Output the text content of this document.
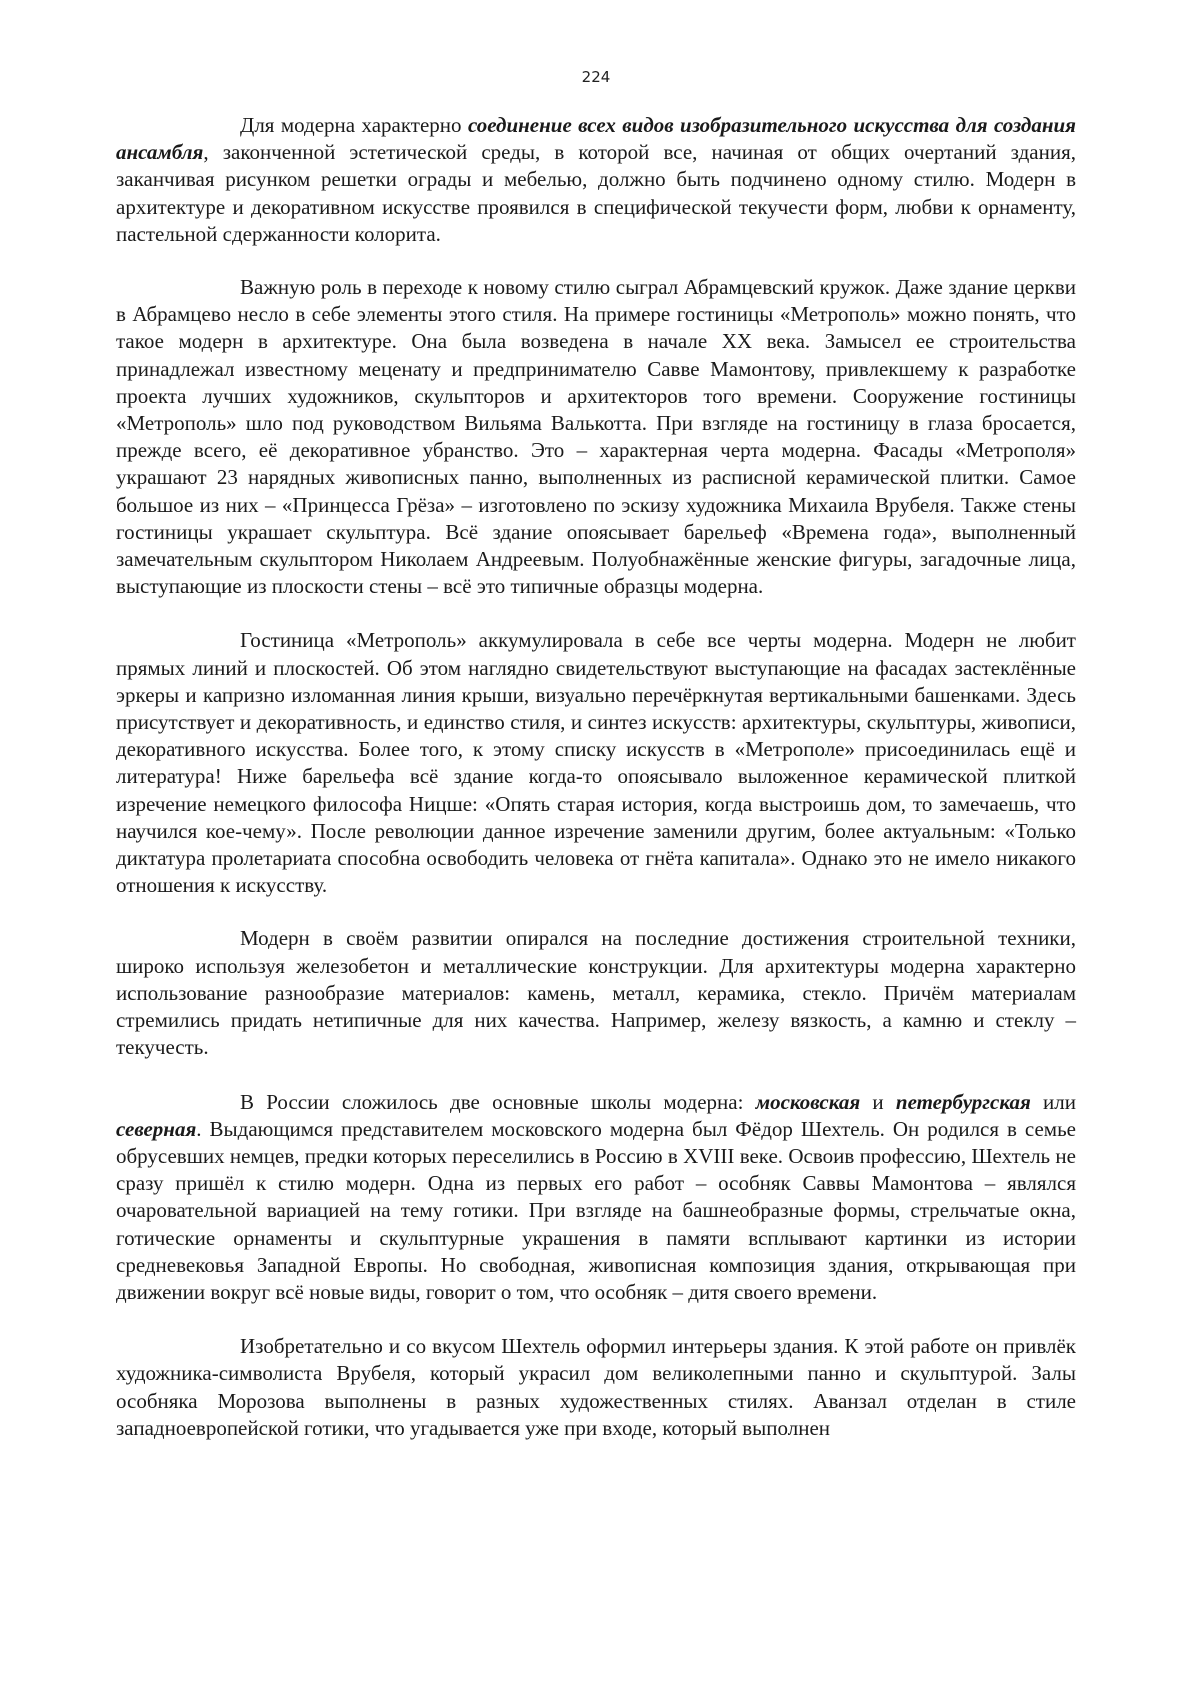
224

Для модерна характерно соединение всех видов изобразительного искусства для создания ансамбля, законченной эстетической среды, в которой все, начиная от общих очертаний здания, заканчивая рисунком решетки ограды и мебелью, должно быть подчинено одному стилю. Модерн в архитектуре и декоративном искусстве проявился в специфической текучести форм, любви к орнаменту, пастельной сдержанности колорита.

Важную роль в переходе к новому стилю сыграл Абрамцевский кружок. Даже здание церкви в Абрамцево несло в себе элементы этого стиля. На примере гостиницы «Метрополь» можно понять, что такое модерн в архитектуре. Она была возведена в начале XX века. Замысел ее строительства принадлежал известному меценату и предпринимателю Савве Мамонтову, привлекшему к разработке проекта лучших художников, скульпторов и архитекторов того времени. Сооружение гостиницы «Метрополь» шло под руководством Вильяма Валькотта. При взгляде на гостиницу в глаза бросается, прежде всего, её декоративное убранство. Это – характерная черта модерна. Фасады «Метрополя» украшают 23 нарядных живописных панно, выполненных из расписной керамической плитки. Самое большое из них – «Принцесса Грёза» – изготовлено по эскизу художника Михаила Врубеля. Также стены гостиницы украшает скульптура. Всё здание опоясывает барельеф «Времена года», выполненный замечательным скульптором Николаем Андреевым. Полуобнажённые женские фигуры, загадочные лица, выступающие из плоскости стены – всё это типичные образцы модерна.

Гостиница «Метрополь» аккумулировала в себе все черты модерна. Модерн не любит прямых линий и плоскостей. Об этом наглядно свидетельствуют выступающие на фасадах застеклённые эркеры и капризно изломанная линия крыши, визуально перечёркнутая вертикальными башенками. Здесь присутствует и декоративность, и единство стиля, и синтез искусств: архитектуры, скульптуры, живописи, декоративного искусства. Более того, к этому списку искусств в «Метрополе» присоединилась ещё и литература! Ниже барельефа всё здание когда-то опоясывало выложенное керамической плиткой изречение немецкого философа Ницше: «Опять старая история, когда выстроишь дом, то замечаешь, что научился кое-чему». После революции данное изречение заменили другим, более актуальным: «Только диктатура пролетариата способна освободить человека от гнёта капитала». Однако это не имело никакого отношения к искусству.

Модерн в своём развитии опирался на последние достижения строительной техники, широко используя железобетон и металлические конструкции. Для архитектуры модерна характерно использование разнообразие материалов: камень, металл, керамика, стекло. Причём материалам стремились придать нетипичные для них качества. Например, железу вязкость, а камню и стеклу – текучесть.

В России сложилось две основные школы модерна: московская и петербургская или северная. Выдающимся представителем московского модерна был Фёдор Шехтель. Он родился в семье обрусевших немцев, предки которых переселились в Россию в XVIII веке. Освоив профессию, Шехтель не сразу пришёл к стилю модерн. Одна из первых его работ – особняк Саввы Мамонтова – являлся очаровательной вариацией на тему готики. При взгляде на башнеобразные формы, стрельчатые окна, готические орнаменты и скульптурные украшения в памяти всплывают картинки из истории средневековья Западной Европы. Но свободная, живописная композиция здания, открывающая при движении вокруг всё новые виды, говорит о том, что особняк – дитя своего времени.

Изобретательно и со вкусом Шехтель оформил интерьеры здания. К этой работе он привлёк художника-символиста Врубеля, который украсил дом великолепными панно и скульптурой. Залы особняка Морозова выполнены в разных художественных стилях. Аванзал отделан в стиле западноевропейской готики, что угадывается уже при входе, который выполнен
